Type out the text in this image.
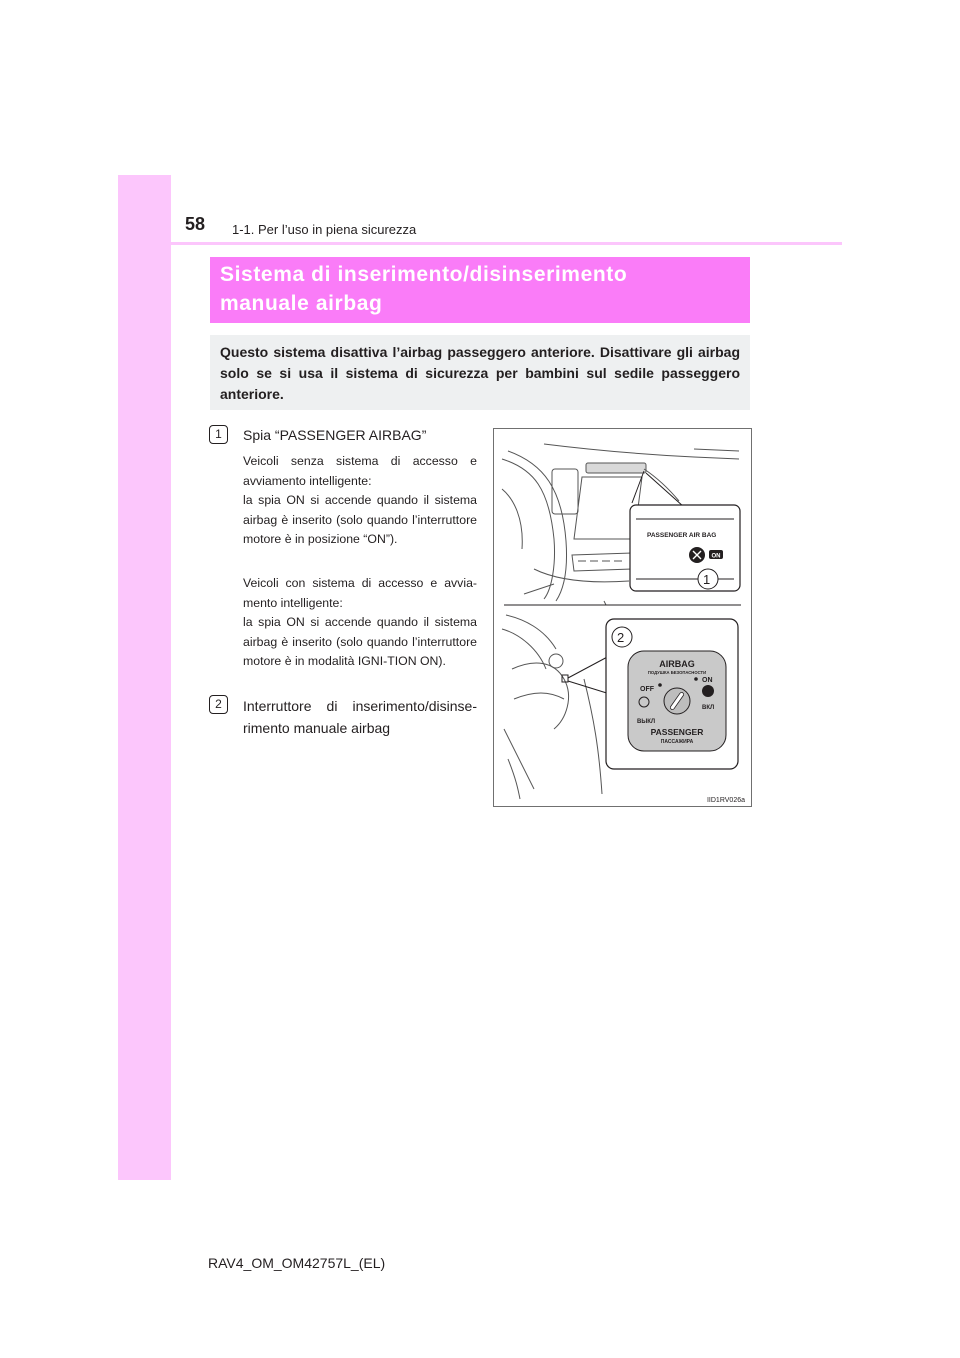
58 1-1. Per l’uso in piena sicurezza
Sistema di inserimento/disinserimento
manuale airbag
Questo sistema disattiva l’airbag passeggero anteriore. Disattivare gli airbag solo se si usa il sistema di sicurezza per bambini sul sedile passeggero anteriore.
1	Spia “PASSENGER AIRBAG”
Veicoli senza sistema di accesso e avviamento intelligente:
la spia ON si accende quando il sistema airbag è inserito (solo quando l’interruttore motore è in posizione “ON”).
Veicoli con sistema di accesso e avvia-mento intelligente:
la spia ON si accende quando il sistema airbag è inserito (solo quando l’interruttore motore è in modalità IGNI-TION ON).
2	Interruttore di inserimento/disinse-rimento manuale airbag
PASSENGER AIR BAG
ON
1
2
AIRBAG
ПОДУШКА БЕЗОПАСНОСТИ
OFF
ON
ВЫКЛ
ВКЛ
PASSENGER
ПАССАЖИРА
IID1RV026a
RAV4_OM_OM42757L_(EL)
